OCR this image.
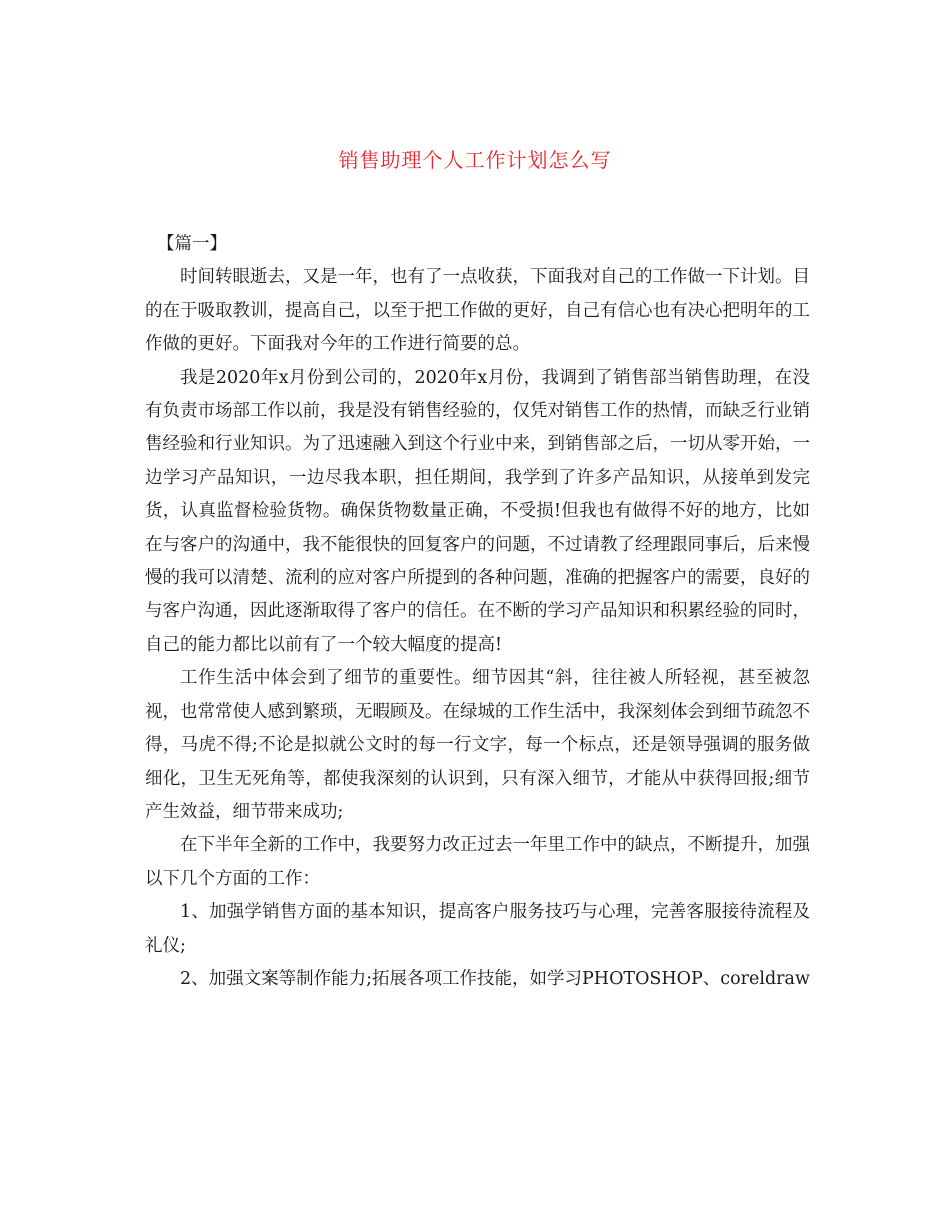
销售助理个人工作计划怎么写

【篇一】

时间转眼逝去，又是一年，也有了一点收获，下面我对自己的工作做一下计划。目的在于吸取教训，提高自己，以至于把工作做的更好，自己有信心也有决心把明年的工作做的更好。下面我对今年的工作进行简要的总。

我是2020年x月份到公司的，2020年x月份，我调到了销售部当销售助理，在没有负责市场部工作以前，我是没有销售经验的，仅凭对销售工作的热情，而缺乏行业销售经验和行业知识。为了迅速融入到这个行业中来，到销售部之后，一切从零开始，一边学习产品知识，一边尽我本职，担任期间，我学到了许多产品知识，从接单到发完货，认真监督检验货物。确保货物数量正确，不受损!但我也有做得不好的地方，比如在与客户的沟通中，我不能很快的回复客户的问题，不过请教了经理跟同事后，后来慢慢的我可以清楚、流利的应对客户所提到的各种问题，准确的把握客户的需要，良好的与客户沟通，因此逐渐取得了客户的信任。在不断的学习产品知识和积累经验的同时，自己的能力都比以前有了一个较大幅度的提高!

工作生活中体会到了细节的重要性。细节因其“斜，往往被人所轻视，甚至被忽视，也常常使人感到繁琐，无暇顾及。在绿城的工作生活中，我深刻体会到细节疏忽不得，马虎不得;不论是拟就公文时的每一行文字，每一个标点，还是领导强调的服务做细化，卫生无死角等，都使我深刻的认识到，只有深入细节，才能从中获得回报;细节产生效益，细节带来成功;

在下半年全新的工作中，我要努力改正过去一年里工作中的缺点，不断提升，加强以下几个方面的工作：

1、加强学销售方面的基本知识，提高客户服务技巧与心理，完善客服接待流程及礼仪;

2、加强文案等制作能力;拓展各项工作技能，如学习PHOTOSHOP、coreldraw
